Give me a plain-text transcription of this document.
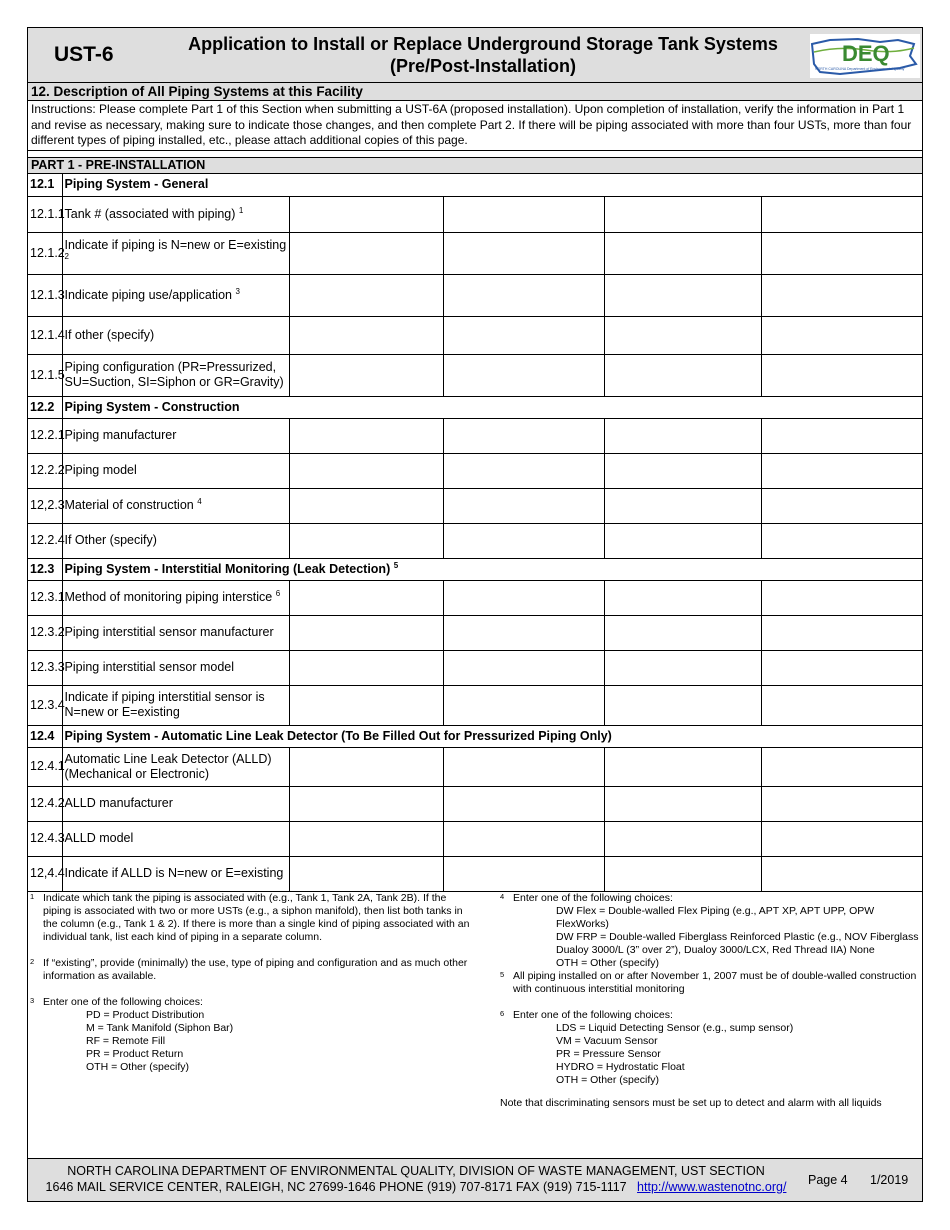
UST-6	Application to Install or Replace Underground Storage Tank Systems
(Pre/Post-Installation)	DEQ
NORTH CAROLINA Department of Environmental Quality
12. Description of All Piping Systems at this Facility
Instructions: Please complete Part 1 of this Section when submitting a UST-6A (proposed installation). Upon completion of installation, verify the information in Part 1 and revise as necessary, making sure to indicate those changes, and then complete Part 2. If there will be piping associated with more than four USTs, more than four different types of piping installed, etc., please attach additional copies of this page.
PART 1 - PRE-INSTALLATION
12.1	Piping System - General				
12.1.1	Tank # (associated with piping) $^1$				
12.1.2	Indicate if piping is N=new or E=existing $^2$				
12.1.3	Indicate piping use/application $^3$				
12.1.4	If other (specify)				
12.1.5	Piping configuration (PR=Pressurized, SU=Suction, SI=Siphon or GR=Gravity)				
12.2	Piping System - Construction				
12.2.1	Piping manufacturer				
12.2.2	Piping model				
12,2.3	Material of construction $^4$				
12.2.4	If Other (specify)				
12.3	Piping System - Interstitial Monitoring (Leak Detection) $^5$
12.3.1	Method of monitoring piping interstice $^6$				
12.3.2	Piping interstitial sensor manufacturer				
12.3.3	Piping interstitial sensor model				
12.3.4	Indicate if piping interstitial sensor is N=new or E=existing				
12.4	Piping System - Automatic Line Leak Detector (To Be Filled Out for Pressurized Piping Only)				
12.4.1	Automatic Line Leak Detector (ALLD) (Mechanical or Electronic)				
12.4.2	ALLD manufacturer				
12.4.3	ALLD model				
12,4.4	Indicate if ALLD is N=new or E=existing				
1 Indicate which tank the piping is associated with (e.g., Tank 1, Tank 2A, Tank 2B). If the piping is associated with two or more USTs (e.g., a siphon manifold), then list both tanks in the column (e.g., Tank 1 & 2). If there is more than a single kind of piping associated with an individual tank, list each kind of piping in a separate column.
2 If “existing”, provide (minimally) the use, type of piping and configuration and as much other information as available.
3 Enter one of the following choices:
PD = Product Distribution
M = Tank Manifold (Siphon Bar)
RF = Remote Fill
PR = Product Return
OTH = Other (specify)
4 Enter one of the following choices:
DW Flex = Double-walled Flex Piping (e.g., APT XP, APT UPP, OPW FlexWorks)
DW FRP = Double-walled Fiberglass Reinforced Plastic (e.g., NOV Fiberglass Dualoy 3000/L (3” over 2”), Dualoy 3000/LCX, Red Thread IIA) None
OTH = Other (specify)
5 All piping installed on or after November 1, 2007 must be of double-walled construction with continuous interstitial monitoring
6 Enter one of the following choices:
LDS = Liquid Detecting Sensor (e.g., sump sensor)
VM = Vacuum Sensor
PR = Pressure Sensor
HYDRO = Hydrostatic Float
OTH = Other (specify)
Note that discriminating sensors must be set up to detect and alarm with all liquids
NORTH CAROLINA DEPARTMENT OF ENVIRONMENTAL QUALITY, DIVISION OF WASTE MANAGEMENT, UST SECTION
1646 MAIL SERVICE CENTER, RALEIGH, NC 27699-1646 PHONE (919) 707-8171 FAX (919) 715-1117 http://www.wastenotnc.org/	Page 4 1/2019
